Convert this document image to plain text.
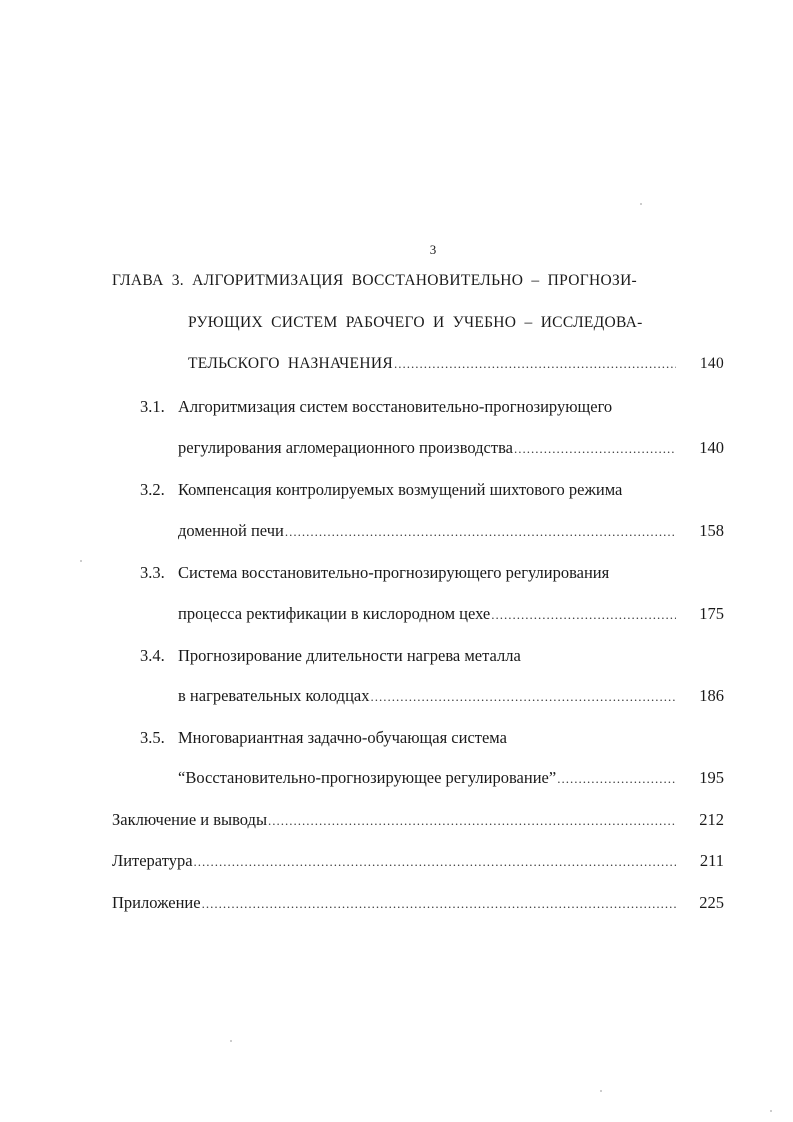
3
ГЛАВА 3. АЛГОРИТМИЗАЦИЯ ВОССТАНОВИТЕЛЬНО – ПРОГНОЗИ-
РУЮЩИХ СИСТЕМ РАБОЧЕГО И УЧЕБНО – ИССЛЕДОВА-
ТЕЛЬСКОГО НАЗНАЧЕНИЯ .....	140
3.1. Алгоритмизация систем восстановительно-прогнозирующего
регулирования агломерационного производства .....	140
3.2. Компенсация контролируемых возмущений шихтового режима
доменной печи .....	158
3.3. Система восстановительно-прогнозирующего регулирования
процесса ректификации в кислородном цехе .....	175
3.4. Прогнозирование длительности нагрева металла
в нагревательных колодцах .....	186
3.5. Многовариантная задачно-обучающая система
“Восстановительно-прогнозирующее регулирование” .....	195
Заключение и выводы .....	212
Литература .....	211
Приложение .....	225
